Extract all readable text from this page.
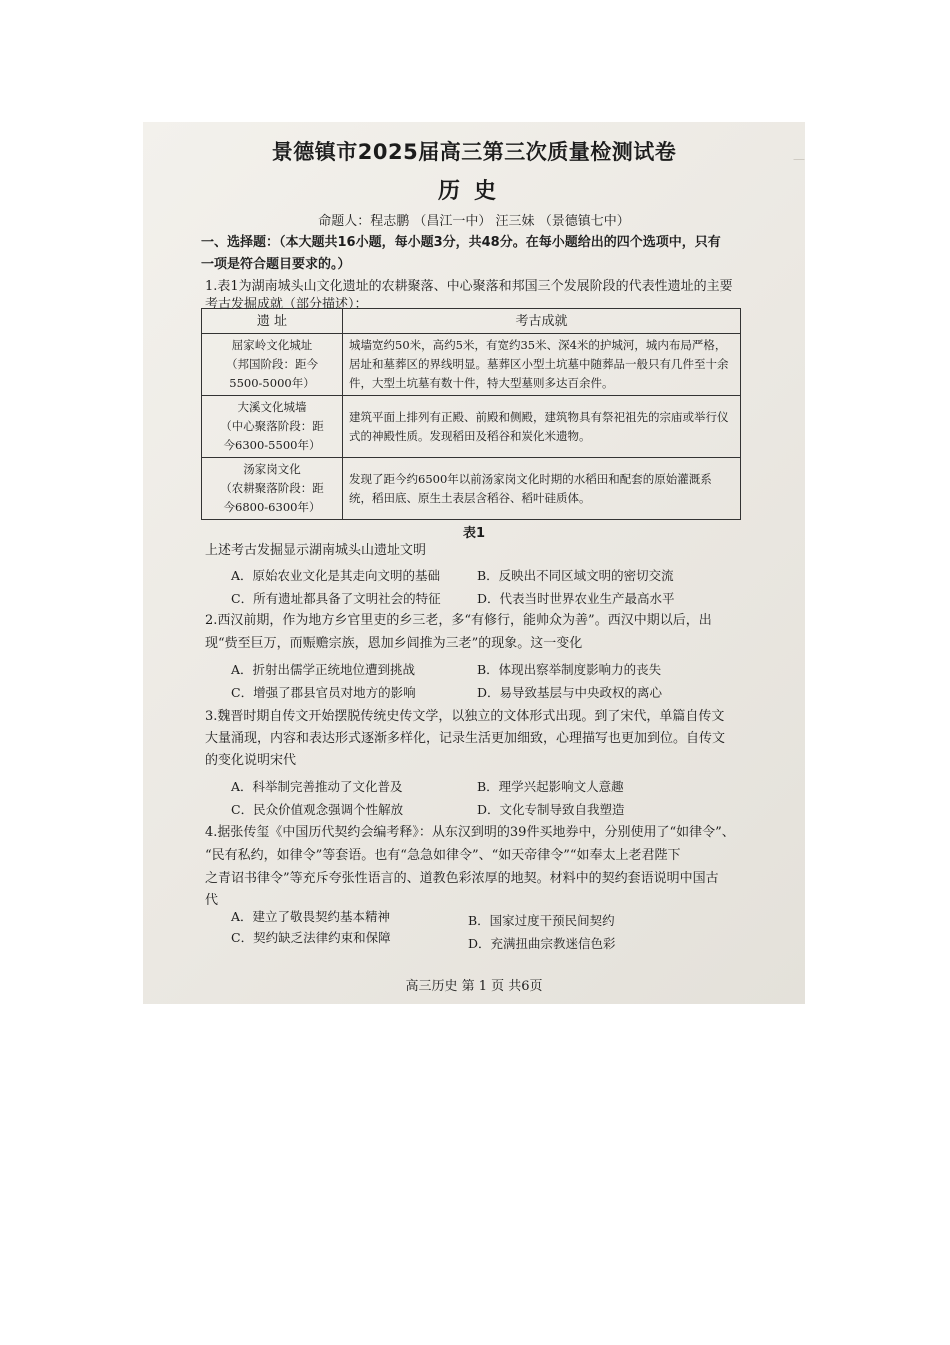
—
景德镇市2025届高三第三次质量检测试卷
历史
命题人：程志鹏 （昌江一中） 汪三妹 （景德镇七中）
一、选择题：（本大题共16小题，每小题3分，共48分。在每小题给出的四个选项中，只有
一项是符合题目要求的。）
1.表1为湖南城头山文化遗址的农耕聚落、中心聚落和邦国三个发展阶段的代表性遗址的主要
考古发掘成就（部分描述）：
遗 址	考古成就

屈家岭文化城址
（邦国阶段：距今
5500-5000年）	城墙宽约50米，高约5米，有宽约35米、深4米的护城河，城内布局严格，居址和墓葬区的界线明显。墓葬区小型土坑墓中随葬品一般只有几件至十余件，大型土坑墓有数十件，特大型墓则多达百余件。

大溪文化城墙
（中心聚落阶段：距
今6300-5500年）	建筑平面上排列有正殿、前殿和侧殿，建筑物具有祭祀祖先的宗庙或举行仪式的神殿性质。发现稻田及稻谷和炭化米遗物。

汤家岗文化
（农耕聚落阶段：距
今6800-6300年）	发现了距今约6500年以前汤家岗文化时期的水稻田和配套的原始灌溉系统，稻田底、原生土表层含稻谷、稻叶硅质体。
表1
上述考古发掘显示湖南城头山遗址文明
A．原始农业文化是其走向文明的基础	B．反映出不同区域文明的密切交流
C．所有遗址都具备了文明社会的特征	D．代表当时世界农业生产最高水平
2.西汉前期，作为地方乡官里吏的乡三老，多“有修行，能帅众为善”。西汉中期以后，出
现“赀至巨万，而赈赡宗族，恩加乡闾推为三老”的现象。这一变化
A．折射出儒学正统地位遭到挑战	B．体现出察举制度影响力的丧失
C．增强了郡县官员对地方的影响	D．易导致基层与中央政权的离心
3.魏晋时期自传文开始摆脱传统史传文学，以独立的文体形式出现。到了宋代，单篇自传文
大量涌现，内容和表达形式逐渐多样化，记录生活更加细致，心理描写也更加到位。自传文
的变化说明宋代
A．科举制完善推动了文化普及	B．理学兴起影响文人意趣
C．民众价值观念强调个性解放	D．文化专制导致自我塑造
4.据张传玺《中国历代契约会编考释》：从东汉到明的39件买地券中，分别使用了“如律令”、
“民有私约，如律令”等套语。也有“急急如律令”、“如天帝律令”“如奉太上老君陛下
之青诏书律令”等充斥夸张性语言的、道教色彩浓厚的地契。材料中的契约套语说明中国古
代
A．建立了敬畏契约基本精神	B．国家过度干预民间契约
C．契约缺乏法律约束和保障	D．充满扭曲宗教迷信色彩
高三历史 第 1 页 共6页
